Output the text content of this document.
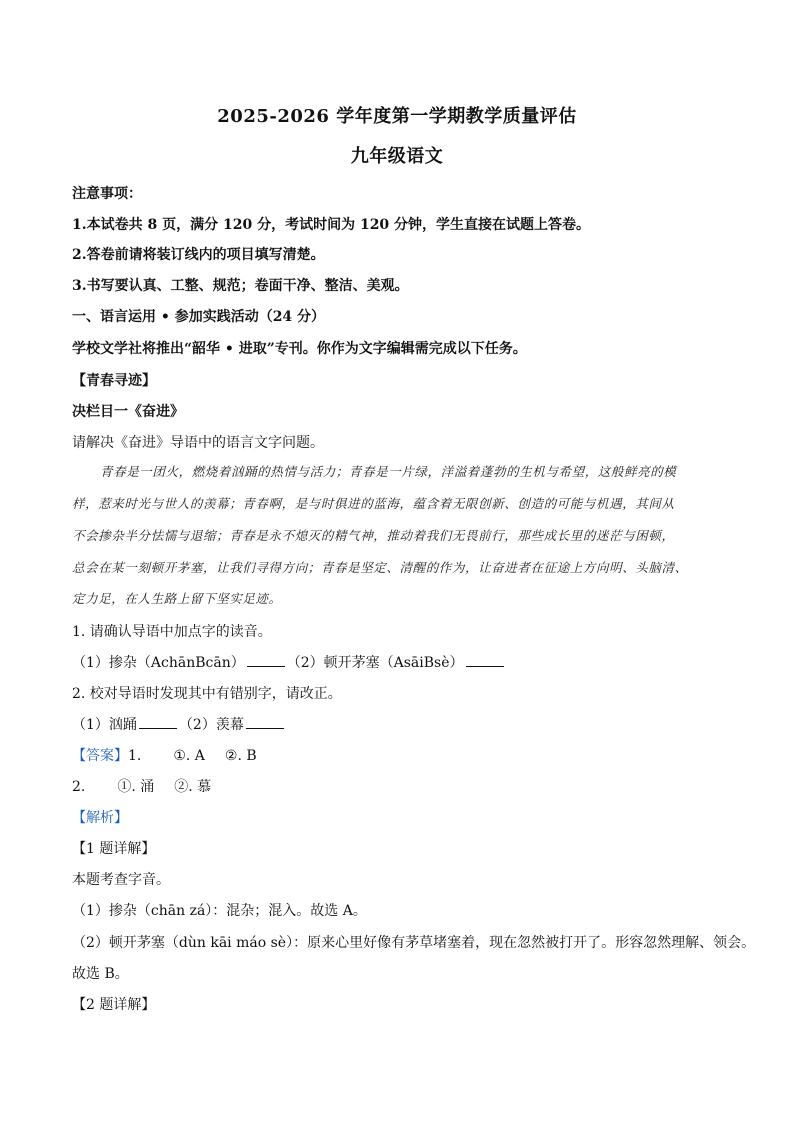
2025-2026 学年度第一学期教学质量评估
九年级语文
注意事项：
1.本试卷共 8 页，满分 120 分，考试时间为 120 分钟，学生直接在试题上答卷。
2.答卷前请将装订线内的项目填写清楚。
3.书写要认真、工整、规范；卷面干净、整洁、美观。
一、语言运用 • 参加实践活动（24 分）
学校文学社将推出“韶华 • 进取”专刊。你作为文字编辑需完成以下任务。
【青春寻迹】
决栏目一《奋进》
请解决《奋进》导语中的语言文字问题。
青春是一团火，燃烧着汹踊的热情与活力；青春是一片绿，洋溢着蓬勃的生机与希望，这般鲜亮的模
样，惹来时光与世人的羡幕；青春啊，是与时俱进的蓝海，蕴含着无限创新、创造的可能与机遇，其间从
不会掺杂半分怯懦与退缩；青春是永不熄灭的精气神，推动着我们无畏前行，那些成长里的迷茫与困顿，
总会在某一刻顿开茅塞，让我们寻得方向；青春是坚定、清醒的作为，让奋进者在征途上方向明、头脑清、
定力足，在人生路上留下坚实足迹。
1. 请确认导语中加点字的读音。
（1）掺杂（AchānBcān）	（2）顿开茅塞（AsāiBsè）
2. 校对导语时发现其中有错别字，请改正。
（1）汹踊	（2）羡幕
【答案】1. ①. A ②. B
2. ①. 涌 ②. 慕
【解析】
【1 题详解】
本题考查字音。
（1）掺杂（chān zá）：混杂；混入。故选 A。
（2）顿开茅塞（dùn kāi máo sè）：原来心里好像有茅草堵塞着，现在忽然被打开了。形容忽然理解、领会。
故选 B。
【2 题详解】
